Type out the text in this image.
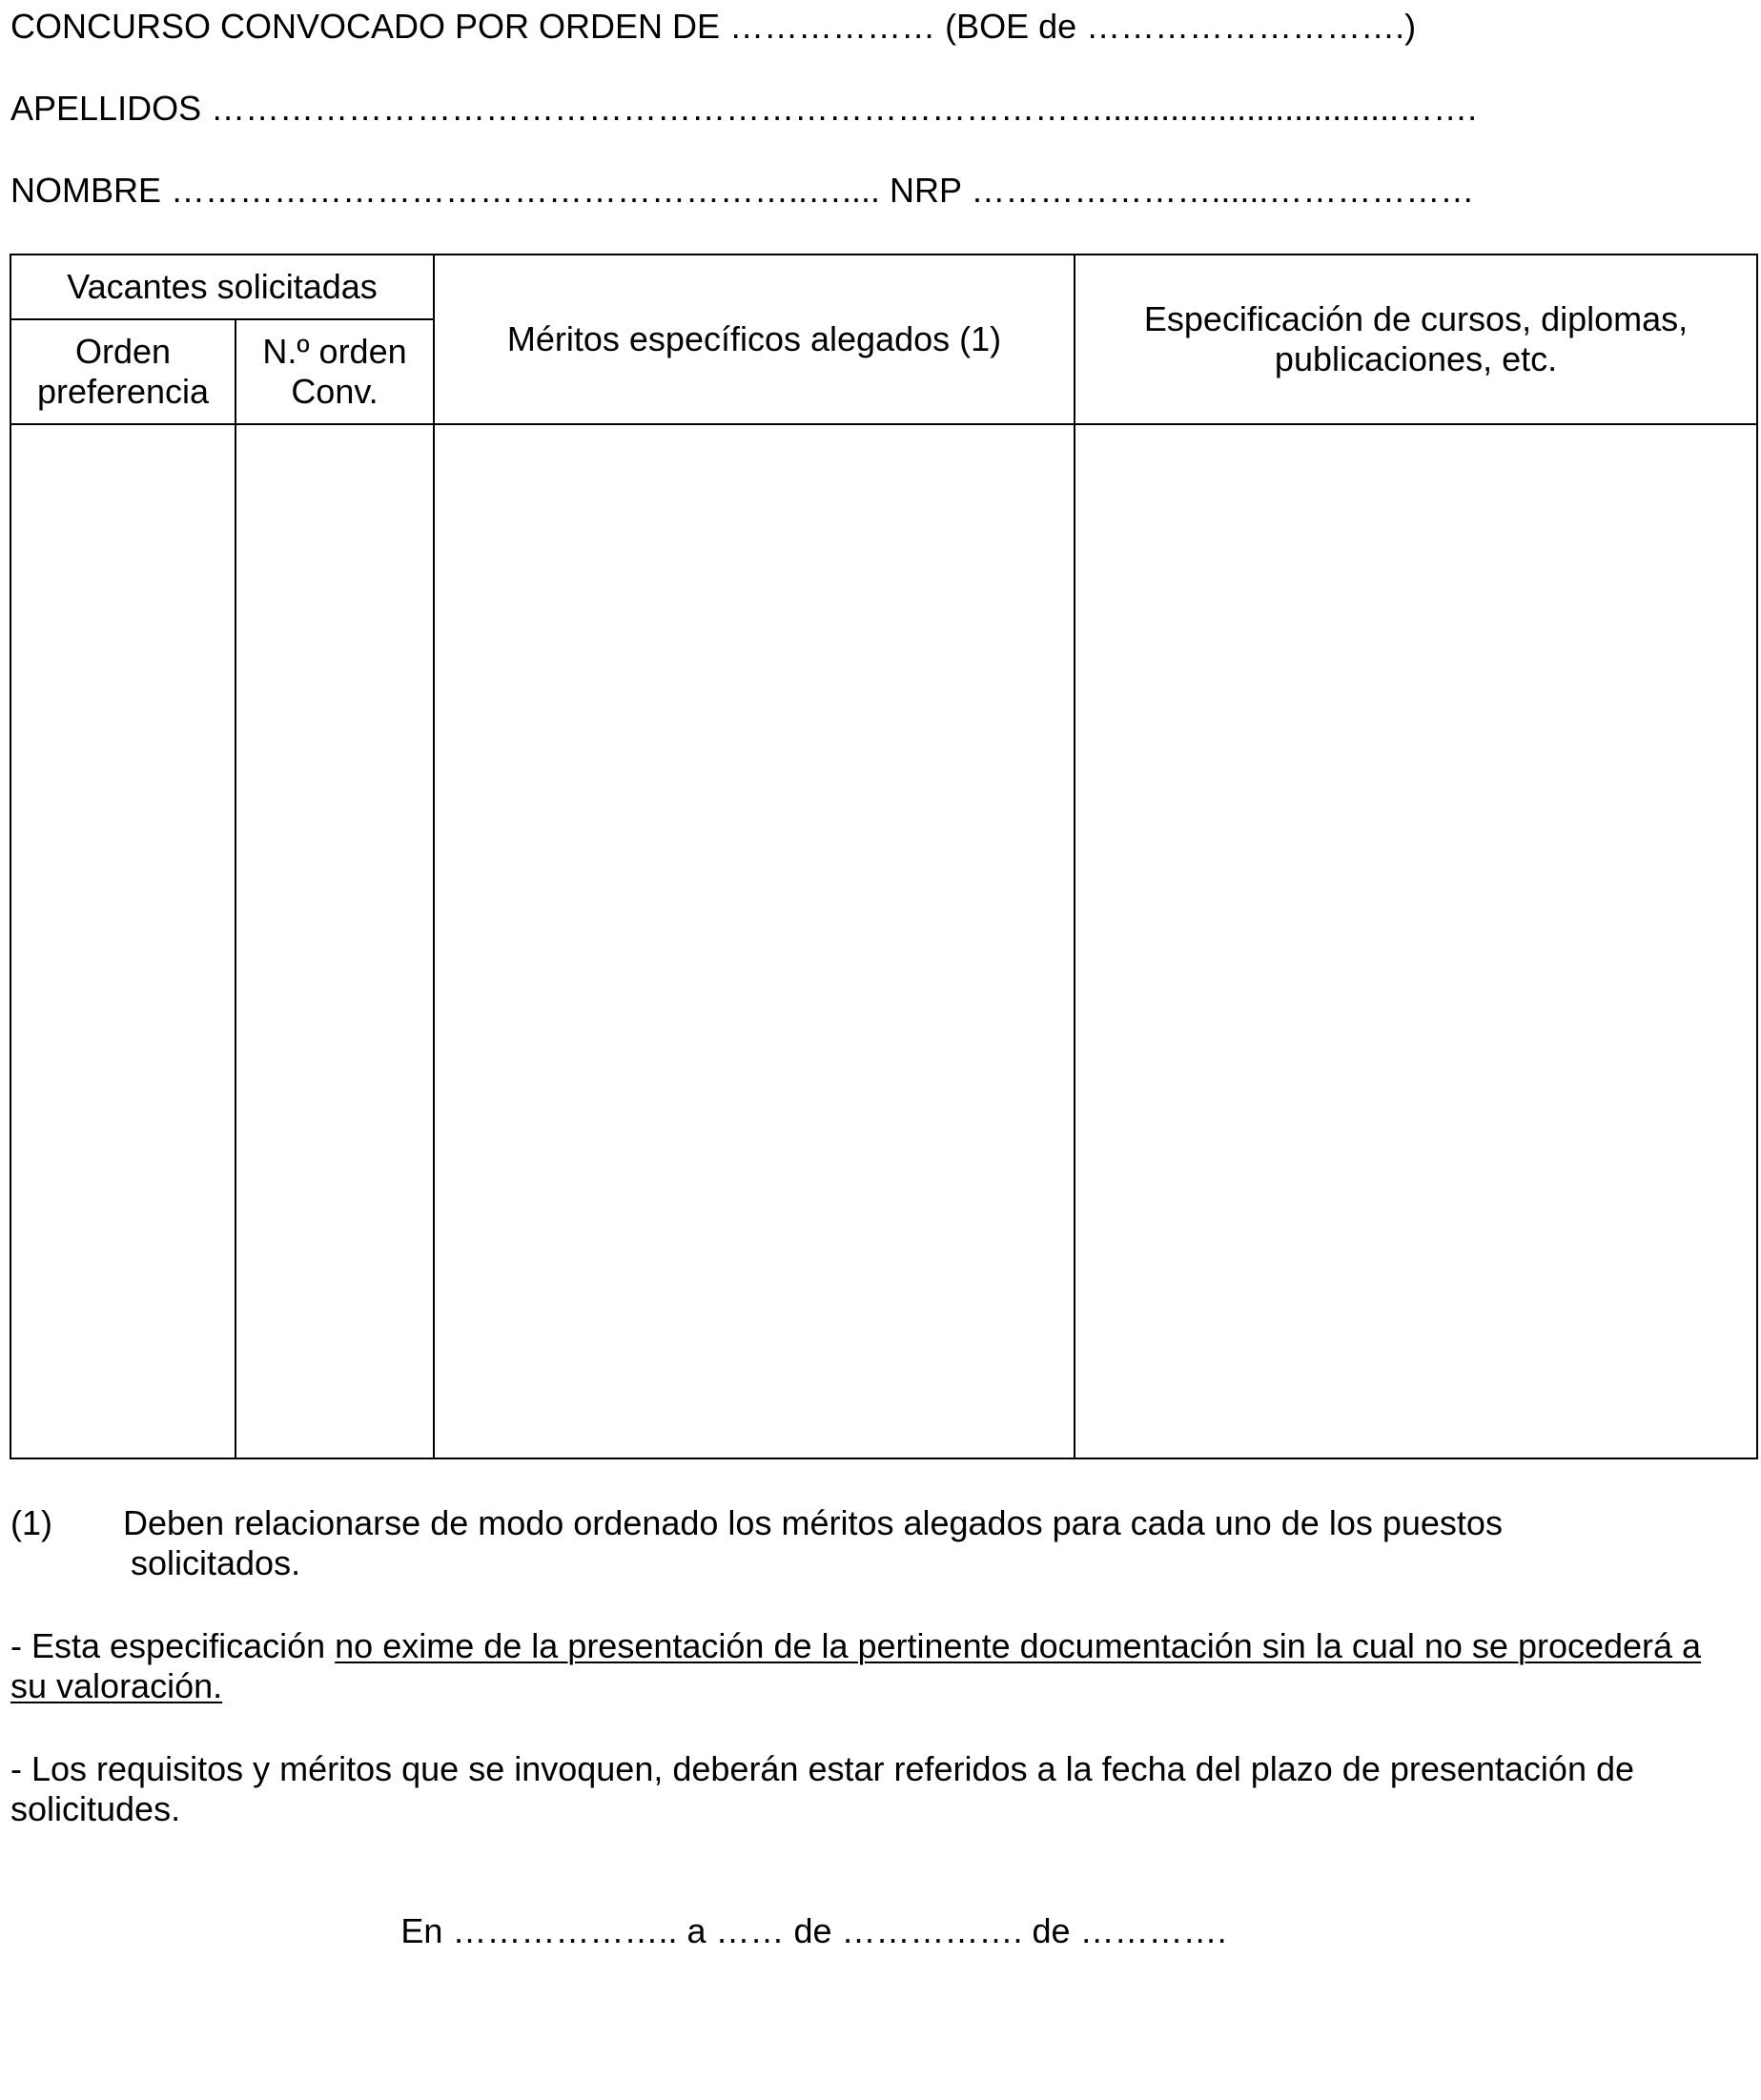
CONCURSO CONVOCADO POR ORDEN DE ……………… (BOE de ……………………….)
APELLIDOS ……………………………………………………………………...............................…….
NOMBRE ………………………………………………..….... NRP …………………......………………
Vacantes solicitadas		Méritos específicos alegados (1)	Especificación de cursos, diplomas, publicaciones, etc.
Orden preferencia	N.º orden Conv.		

(1) Deben relacionarse de modo ordenado los méritos alegados para cada uno de los puestos
solicitados.
- Esta especificación no exime de la presentación de la pertinente documentación sin la cual no se procederá a su valoración.
- Los requisitos y méritos que se invoquen, deberán estar referidos a la fecha del plazo de presentación de solicitudes.
En ……………….. a …… de ……………. de ………….
